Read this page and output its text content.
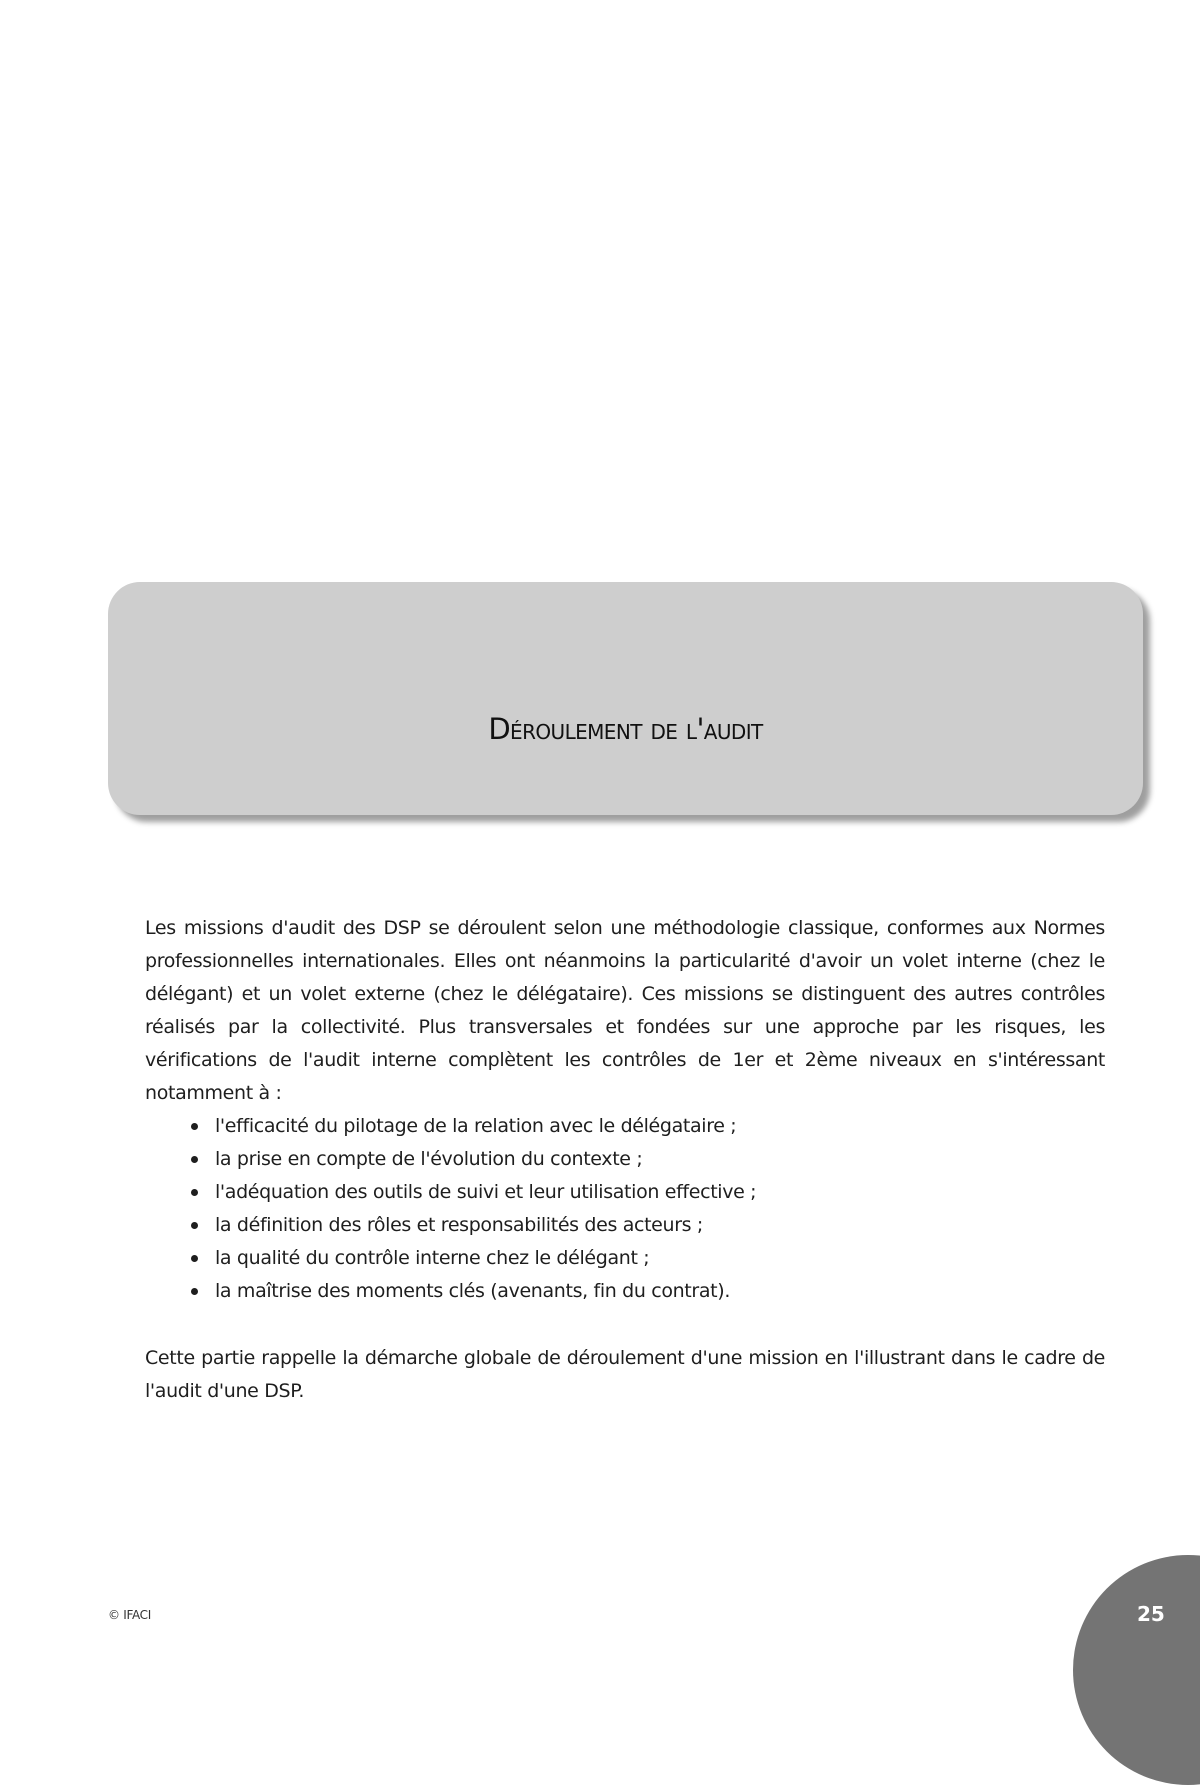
Déroulement de l'audit

Les missions d'audit des DSP se déroulent selon une méthodologie classique, conformes aux Normes professionnelles internationales. Elles ont néanmoins la particularité d'avoir un volet interne (chez le délégant) et un volet externe (chez le délégataire). Ces missions se distinguent des autres contrôles réalisés par la collectivité. Plus transversales et fondées sur une approche par les risques, les vérifications de l'audit interne complètent les contrôles de 1er et 2ème niveaux en s'intéressant notamment à :

l'efficacité du pilotage de la relation avec le délégataire ;
la prise en compte de l'évolution du contexte ;
l'adéquation des outils de suivi et leur utilisation effective ;
la définition des rôles et responsabilités des acteurs ;
la qualité du contrôle interne chez le délégant ;
la maîtrise des moments clés (avenants, fin du contrat).

Cette partie rappelle la démarche globale de déroulement d'une mission en l'illustrant dans le cadre de l'audit d'une DSP.

© IFACI	25
